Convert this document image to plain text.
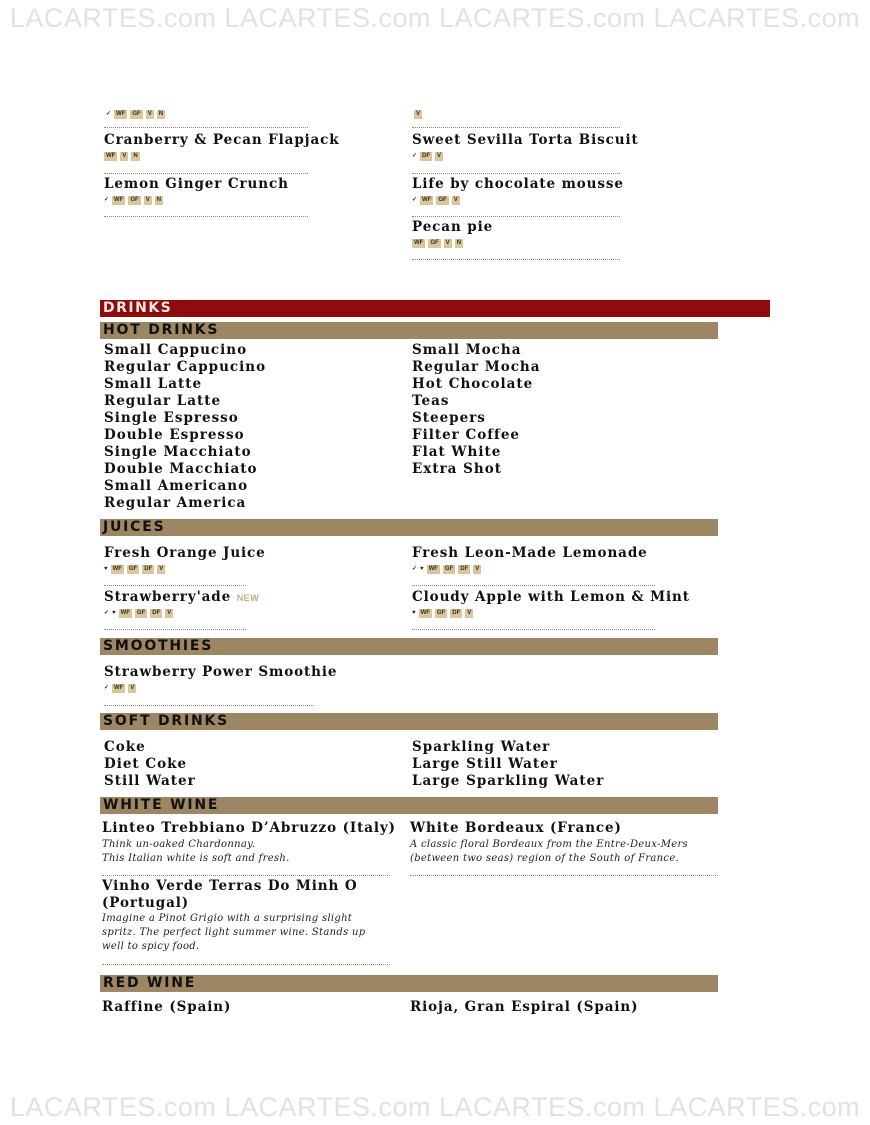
LACARTES.com LACARTES.com LACARTES.com LACARTES.com
LACARTES.com LACARTES.com LACARTES.com LACARTES.com
✓ WF	GF	V	N	V
Cranberry & Pecan Flapjack
WF	V	N
Lemon Ginger Crunch
✓ WF	GF	V	N
Sweet Sevilla Torta Biscuit
✓ DF	V
Life by chocolate mousse
✓ WF	GF	V
Pecan pie
WF	GF	V	N
DRINKS
HOT DRINKS
Small Cappucino
Regular Cappucino
Small Latte
Regular Latte
Single Espresso
Double Espresso
Single Macchiato
Double Macchiato
Small Americano
Regular America
Small Mocha
Regular Mocha
Hot Chocolate
Teas
Steepers
Filter Coffee
Flat White
Extra Shot
JUICES
Fresh Orange Juice
♥ WF	GF	DF	V
Fresh Leon-Made Lemonade
✓ ♥ WF	GF	DF	V
Strawberry'ade NEW
✓ ♥ WF	GF	DF	V
Cloudy Apple with Lemon & Mint
♥ WF	GF	DF	V
SMOOTHIES
Strawberry Power Smoothie
✓ WF	V
SOFT DRINKS
Coke
Diet Coke
Still Water
Sparkling Water
Large Still Water
Large Sparkling Water
WHITE WINE
Linteo Trebbiano D’Abruzzo (Italy)
Think un-oaked Chardonnay.
This Italian white is soft and fresh.
White Bordeaux (France)
A classic floral Bordeaux from the Entre-Deux-Mers
(between two seas) region of the South of France.
Vinho Verde Terras Do Minh O
(Portugal)
Imagine a Pinot Grigio with a surprising slight
spritz. The perfect light summer wine. Stands up
well to spicy food.
RED WINE
Raffine (Spain)	Rioja, Gran Espiral (Spain)
